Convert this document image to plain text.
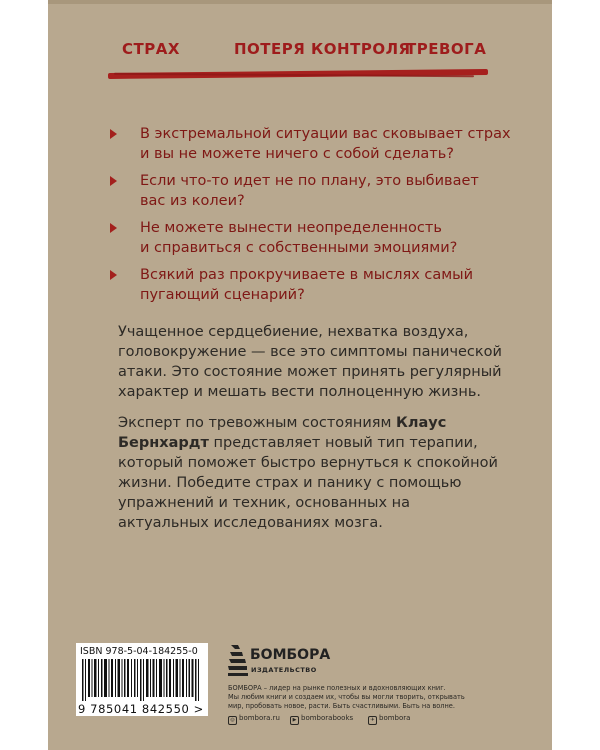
СТРАХ	ПОТЕРЯ КОНТРОЛЯ
ТРЕВОГА
В экстремальной ситуации вас сковывает страх
и вы не можете ничего с собой сделать?
Если что-то идет не по плану, это выбивает
вас из колеи?
Не можете вынести неопределенность
и справиться с собственными эмоциями?
Всякий раз прокручиваете в мыслях самый
пугающий сценарий?
Учащенное сердцебиение, нехватка воздуха,
головокружение — все это симптомы панической
атаки. Это состояние может принять регулярный
характер и мешать вести полноценную жизнь.
Эксперт по тревожным состояниям Клаус
Бернхардт представляет новый тип терапии,
который поможет быстро вернуться к спокойной
жизни. Победите страх и панику с помощью
упражнений и техник, основанных на
актуальных исследованиях мозга.
ISBN 978-5-04-184255-0
9 785041 842550 >
БОМБОРА
ИЗДАТЕЛЬСТВО
БОМБОРА – лидер на рынке полезных и вдохновляющих книг.
Мы любим книги и создаем их, чтобы вы могли творить, открывать
мир, пробовать новое, расти. Быть счастливыми. Быть на волне.
◎ bombora.ru	▶ bomborabooks	✈ bombora
